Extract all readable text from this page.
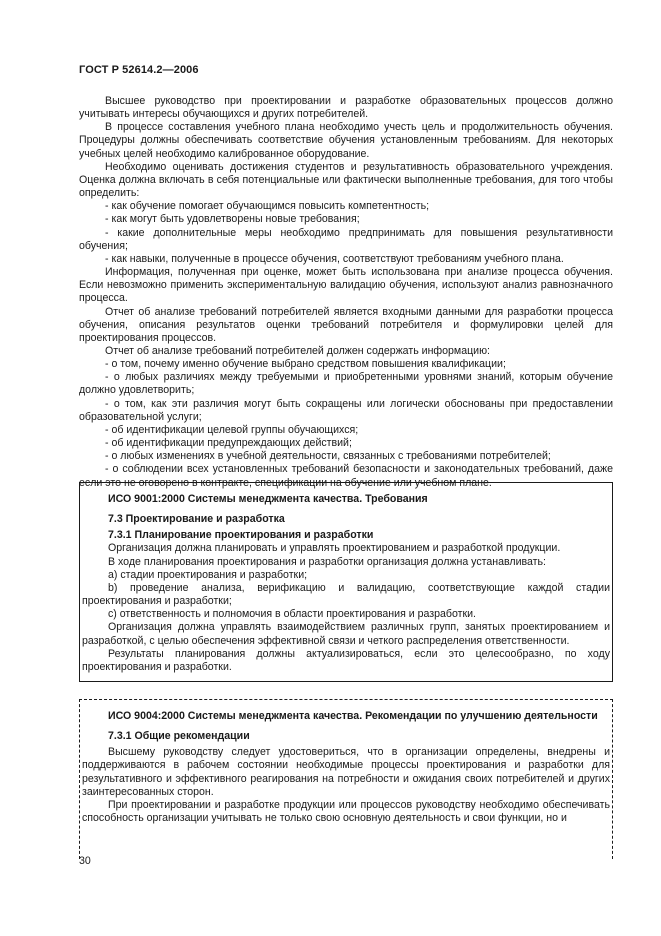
ГОСТ Р 52614.2—2006

Высшее руководство при проектировании и разработке образовательных процессов должно учитывать интересы обучающихся и других потребителей.

В процессе составления учебного плана необходимо учесть цель и продолжительность обучения. Процедуры должны обеспечивать соответствие обучения установленным требованиям. Для некоторых учебных целей необходимо калиброванное оборудование.

Необходимо оценивать достижения студентов и результативность образовательного учреждения. Оценка должна включать в себя потенциальные или фактически выполненные требования, для того чтобы определить:

- как обучение помогает обучающимся повысить компетентность;

- как могут быть удовлетворены новые требования;

- какие дополнительные меры необходимо предпринимать для повышения результативности обучения;

- как навыки, полученные в процессе обучения, соответствуют требованиям учебного плана.

Информация, полученная при оценке, может быть использована при анализе процесса обучения. Если невозможно применить экспериментальную валидацию обучения, используют анализ равнозначного процесса.

Отчет об анализе требований потребителей является входными данными для разработки процесса обучения, описания результатов оценки требований потребителя и формулировки целей для проектирования процессов.

Отчет об анализе требований потребителей должен содержать информацию:

- о том, почему именно обучение выбрано средством повышения квалификации;

- о любых различиях между требуемыми и приобретенными уровнями знаний, которым обучение должно удовлетворить;

- о том, как эти различия могут быть сокращены или логически обоснованы при предоставлении образовательной услуги;

- об идентификации целевой группы обучающихся;

- об идентификации предупреждающих действий;

- о любых изменениях в учебной деятельности, связанных с требованиями потребителей;

- о соблюдении всех установленных требований безопасности и законодательных требований, даже если это не оговорено в контракте, спецификации на обучение или учебном плане.

ИСО 9001:2000 Системы менеджмента качества. Требования

7.3 Проектирование и разработка

7.3.1 Планирование проектирования и разработки

Организация должна планировать и управлять проектированием и разработкой продукции.

В ходе планирования проектирования и разработки организация должна устанавливать:

a) стадии проектирования и разработки;

b) проведение анализа, верификацию и валидацию, соответствующие каждой стадии проектирования и разработки;

c) ответственность и полномочия в области проектирования и разработки.

Организация должна управлять взаимодействием различных групп, занятых проектированием и разработкой, с целью обеспечения эффективной связи и четкого распределения ответственности.

Результаты планирования должны актуализироваться, если это целесообразно, по ходу проектирования и разработки.

ИСО 9004:2000 Системы менеджмента качества. Рекомендации по улучшению деятельности

7.3.1 Общие рекомендации

Высшему руководству следует удостовериться, что в организации определены, внедрены и поддерживаются в рабочем состоянии необходимые процессы проектирования и разработки для результативного и эффективного реагирования на потребности и ожидания своих потребителей и других заинтересованных сторон.

При проектировании и разработке продукции или процессов руководству необходимо обеспечивать способность организации учитывать не только свою основную деятельность и свои функции, но и

30
